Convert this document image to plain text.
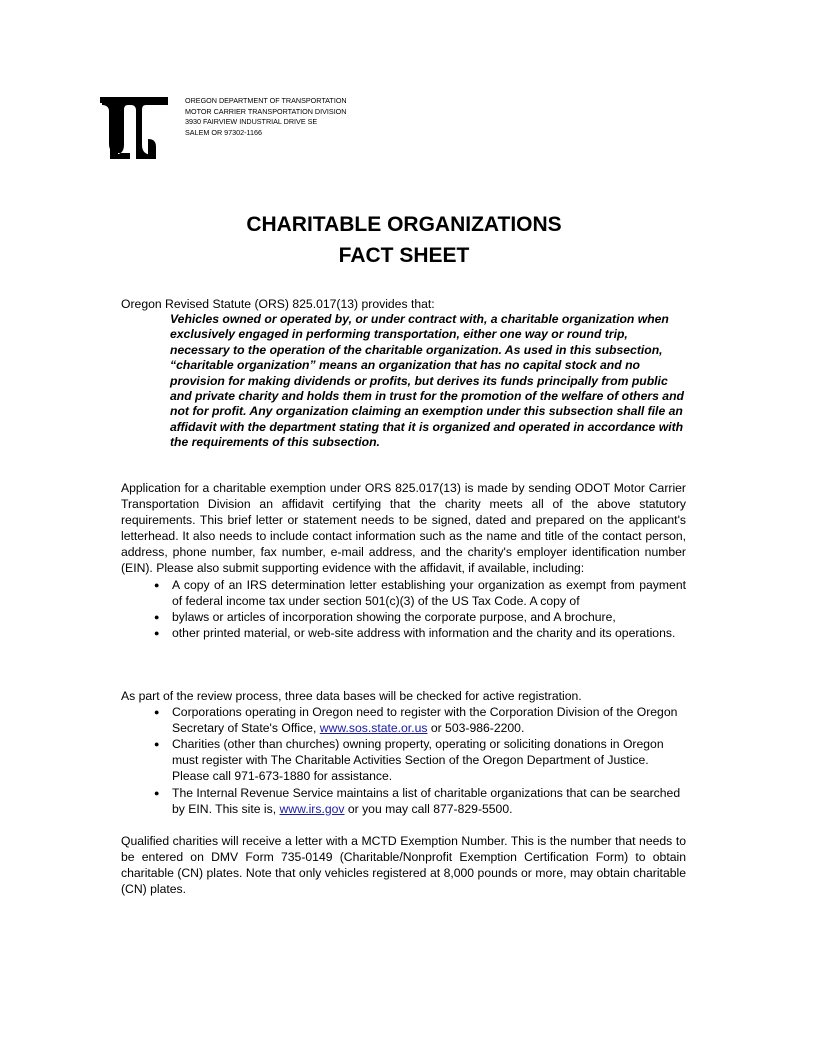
OREGON DEPARTMENT OF TRANSPORTATION
MOTOR CARRIER TRANSPORTATION DIVISION
3930 FAIRVIEW INDUSTRIAL DRIVE SE
SALEM OR 97302-1166
CHARITABLE ORGANIZATIONS
FACT SHEET

Oregon Revised Statute (ORS) 825.017(13) provides that:

Vehicles owned or operated by, or under contract with, a charitable organization when exclusively engaged in performing transportation, either one way or round trip, necessary to the operation of the charitable organization. As used in this subsection, “charitable organization” means an organization that has no capital stock and no provision for making dividends or profits, but derives its funds principally from public and private charity and holds them in trust for the promotion of the welfare of others and not for profit. Any organization claiming an exemption under this subsection shall file an affidavit with the department stating that it is organized and operated in accordance with the requirements of this subsection.

Application for a charitable exemption under ORS 825.017(13) is made by sending ODOT Motor Carrier Transportation Division an affidavit certifying that the charity meets all of the above statutory requirements. This brief letter or statement needs to be signed, dated and prepared on the applicant's letterhead. It also needs to include contact information such as the name and title of the contact person, address, phone number, fax number, e-mail address, and the charity's employer identification number (EIN). Please also submit supporting evidence with the affidavit, if available, including:

● A copy of an IRS determination letter establishing your organization as exempt from payment of federal income tax under section 501(c)(3) of the US Tax Code. A copy of
● bylaws or articles of incorporation showing the corporate purpose, and A brochure,
● other printed material, or web-site address with information and the charity and its operations.

As part of the review process, three data bases will be checked for active registration.

● Corporations operating in Oregon need to register with the Corporation Division of the Oregon Secretary of State's Office, www.sos.state.or.us or 503-986-2200.
● Charities (other than churches) owning property, operating or soliciting donations in Oregon must register with The Charitable Activities Section of the Oregon Department of Justice. Please call 971-673-1880 for assistance.
● The Internal Revenue Service maintains a list of charitable organizations that can be searched by EIN. This site is, www.irs.gov or you may call 877-829-5500.

Qualified charities will receive a letter with a MCTD Exemption Number. This is the number that needs to be entered on DMV Form 735-0149 (Charitable/Nonprofit Exemption Certification Form) to obtain charitable (CN) plates. Note that only vehicles registered at 8,000 pounds or more, may obtain charitable (CN) plates.
